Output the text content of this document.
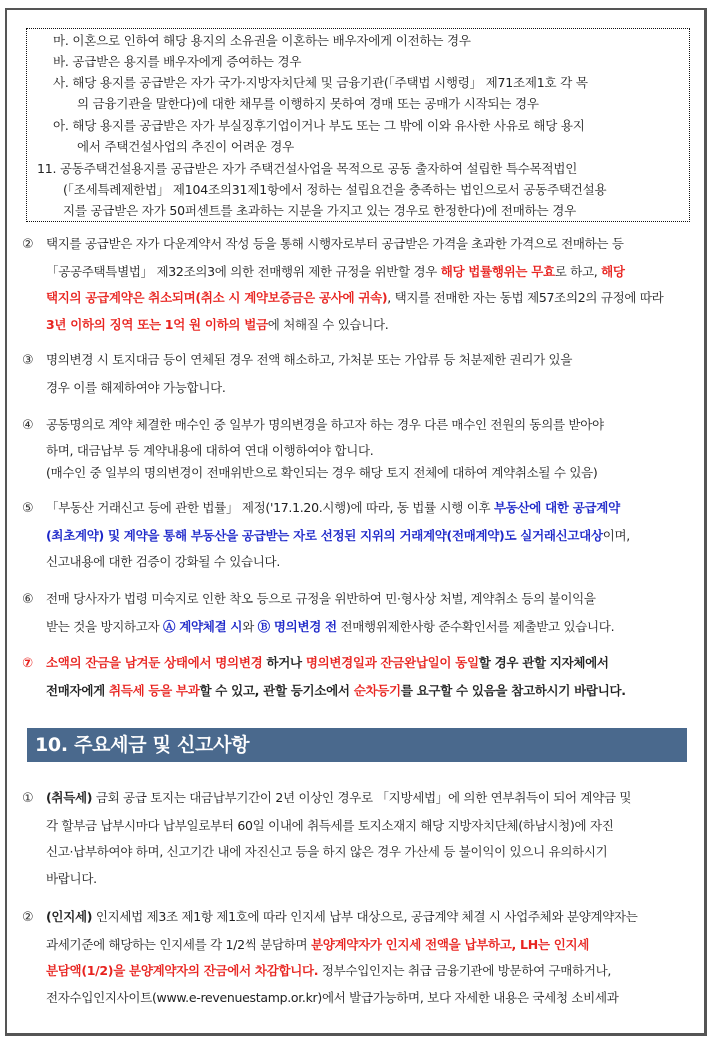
마. 이혼으로 인하여 해당 용지의 소유권을 이혼하는 배우자에게 이전하는 경우
바. 공급받은 용지를 배우자에게 증여하는 경우
사. 해당 용지를 공급받은 자가 국가·지방자치단체 및 금융기관(「주택법 시행령」 제71조제1호 각 목
의 금융기관을 말한다)에 대한 채무를 이행하지 못하여 경매 또는 공매가 시작되는 경우
아. 해당 용지를 공급받은 자가 부실징후기업이거나 부도 또는 그 밖에 이와 유사한 사유로 해당 용지
에서 주택건설사업의 추진이 어려운 경우
11. 공동주택건설용지를 공급받은 자가 주택건설사업을 목적으로 공동 출자하여 설립한 특수목적법인
(「조세특례제한법」 제104조의31제1항에서 정하는 설립요건을 충족하는 법인으로서 공동주택건설용
지를 공급받은 자가 50퍼센트를 초과하는 지분을 가지고 있는 경우로 한정한다)에 전매하는 경우
② 택지를 공급받은 자가 다운계약서 작성 등을 통해 시행자로부터 공급받은 가격을 초과한 가격으로 전매하는 등
「공공주택특별법」 제32조의3에 의한 전매행위 제한 규정을 위반할 경우 해당 법률행위는 무효로 하고, 해당
택지의 공급계약은 취소되며(취소 시 계약보증금은 공사에 귀속), 택지를 전매한 자는 동법 제57조의2의 규정에 따라
3년 이하의 징역 또는 1억 원 이하의 벌금에 처해질 수 있습니다.
③ 명의변경 시 토지대금 등이 연체된 경우 전액 해소하고, 가처분 또는 가압류 등 처분제한 권리가 있을
경우 이를 해제하여야 가능합니다.
④ 공동명의로 계약 체결한 매수인 중 일부가 명의변경을 하고자 하는 경우 다른 매수인 전원의 동의를 받아야
하며, 대금납부 등 계약내용에 대하여 연대 이행하여야 합니다.
(매수인 중 일부의 명의변경이 전매위반으로 확인되는 경우 해당 토지 전체에 대하여 계약취소될 수 있음)
⑤ 「부동산 거래신고 등에 관한 법률」 제정('17.1.20.시행)에 따라, 동 법률 시행 이후 부동산에 대한 공급계약
(최초계약) 및 계약을 통해 부동산을 공급받는 자로 선정된 지위의 거래계약(전매계약)도 실거래신고대상이며,
신고내용에 대한 검증이 강화될 수 있습니다.
⑥ 전매 당사자가 법령 미숙지로 인한 착오 등으로 규정을 위반하여 민·형사상 처벌, 계약취소 등의 불이익을
받는 것을 방지하고자 Ⓐ 계약체결 시와 Ⓑ 명의변경 전 전매행위제한사항 준수확인서를 제출받고 있습니다.
⑦ 소액의 잔금을 남겨둔 상태에서 명의변경 하거나 명의변경일과 잔금완납일이 동일할 경우 관할 지자체에서
전매자에게 취득세 등을 부과할 수 있고, 관할 등기소에서 순차등기를 요구할 수 있음을 참고하시기 바랍니다.
10. 주요세금 및 신고사항
① (취득세) 금회 공급 토지는 대금납부기간이 2년 이상인 경우로 「지방세법」에 의한 연부취득이 되어 계약금 및
각 할부금 납부시마다 납부일로부터 60일 이내에 취득세를 토지소재지 해당 지방자치단체(하남시청)에 자진
신고·납부하여야 하며, 신고기간 내에 자진신고 등을 하지 않은 경우 가산세 등 불이익이 있으니 유의하시기
바랍니다.
② (인지세) 인지세법 제3조 제1항 제1호에 따라 인지세 납부 대상으로, 공급계약 체결 시 사업주체와 분양계약자는
과세기준에 해당하는 인지세를 각 1/2씩 분담하며 분양계약자가 인지세 전액을 납부하고, LH는 인지세
분담액(1/2)을 분양계약자의 잔금에서 차감합니다. 정부수입인지는 취급 금융기관에 방문하여 구매하거나,
전자수입인지사이트(www.e-revenuestamp.or.kr)에서 발급가능하며, 보다 자세한 내용은 국세청 소비세과
